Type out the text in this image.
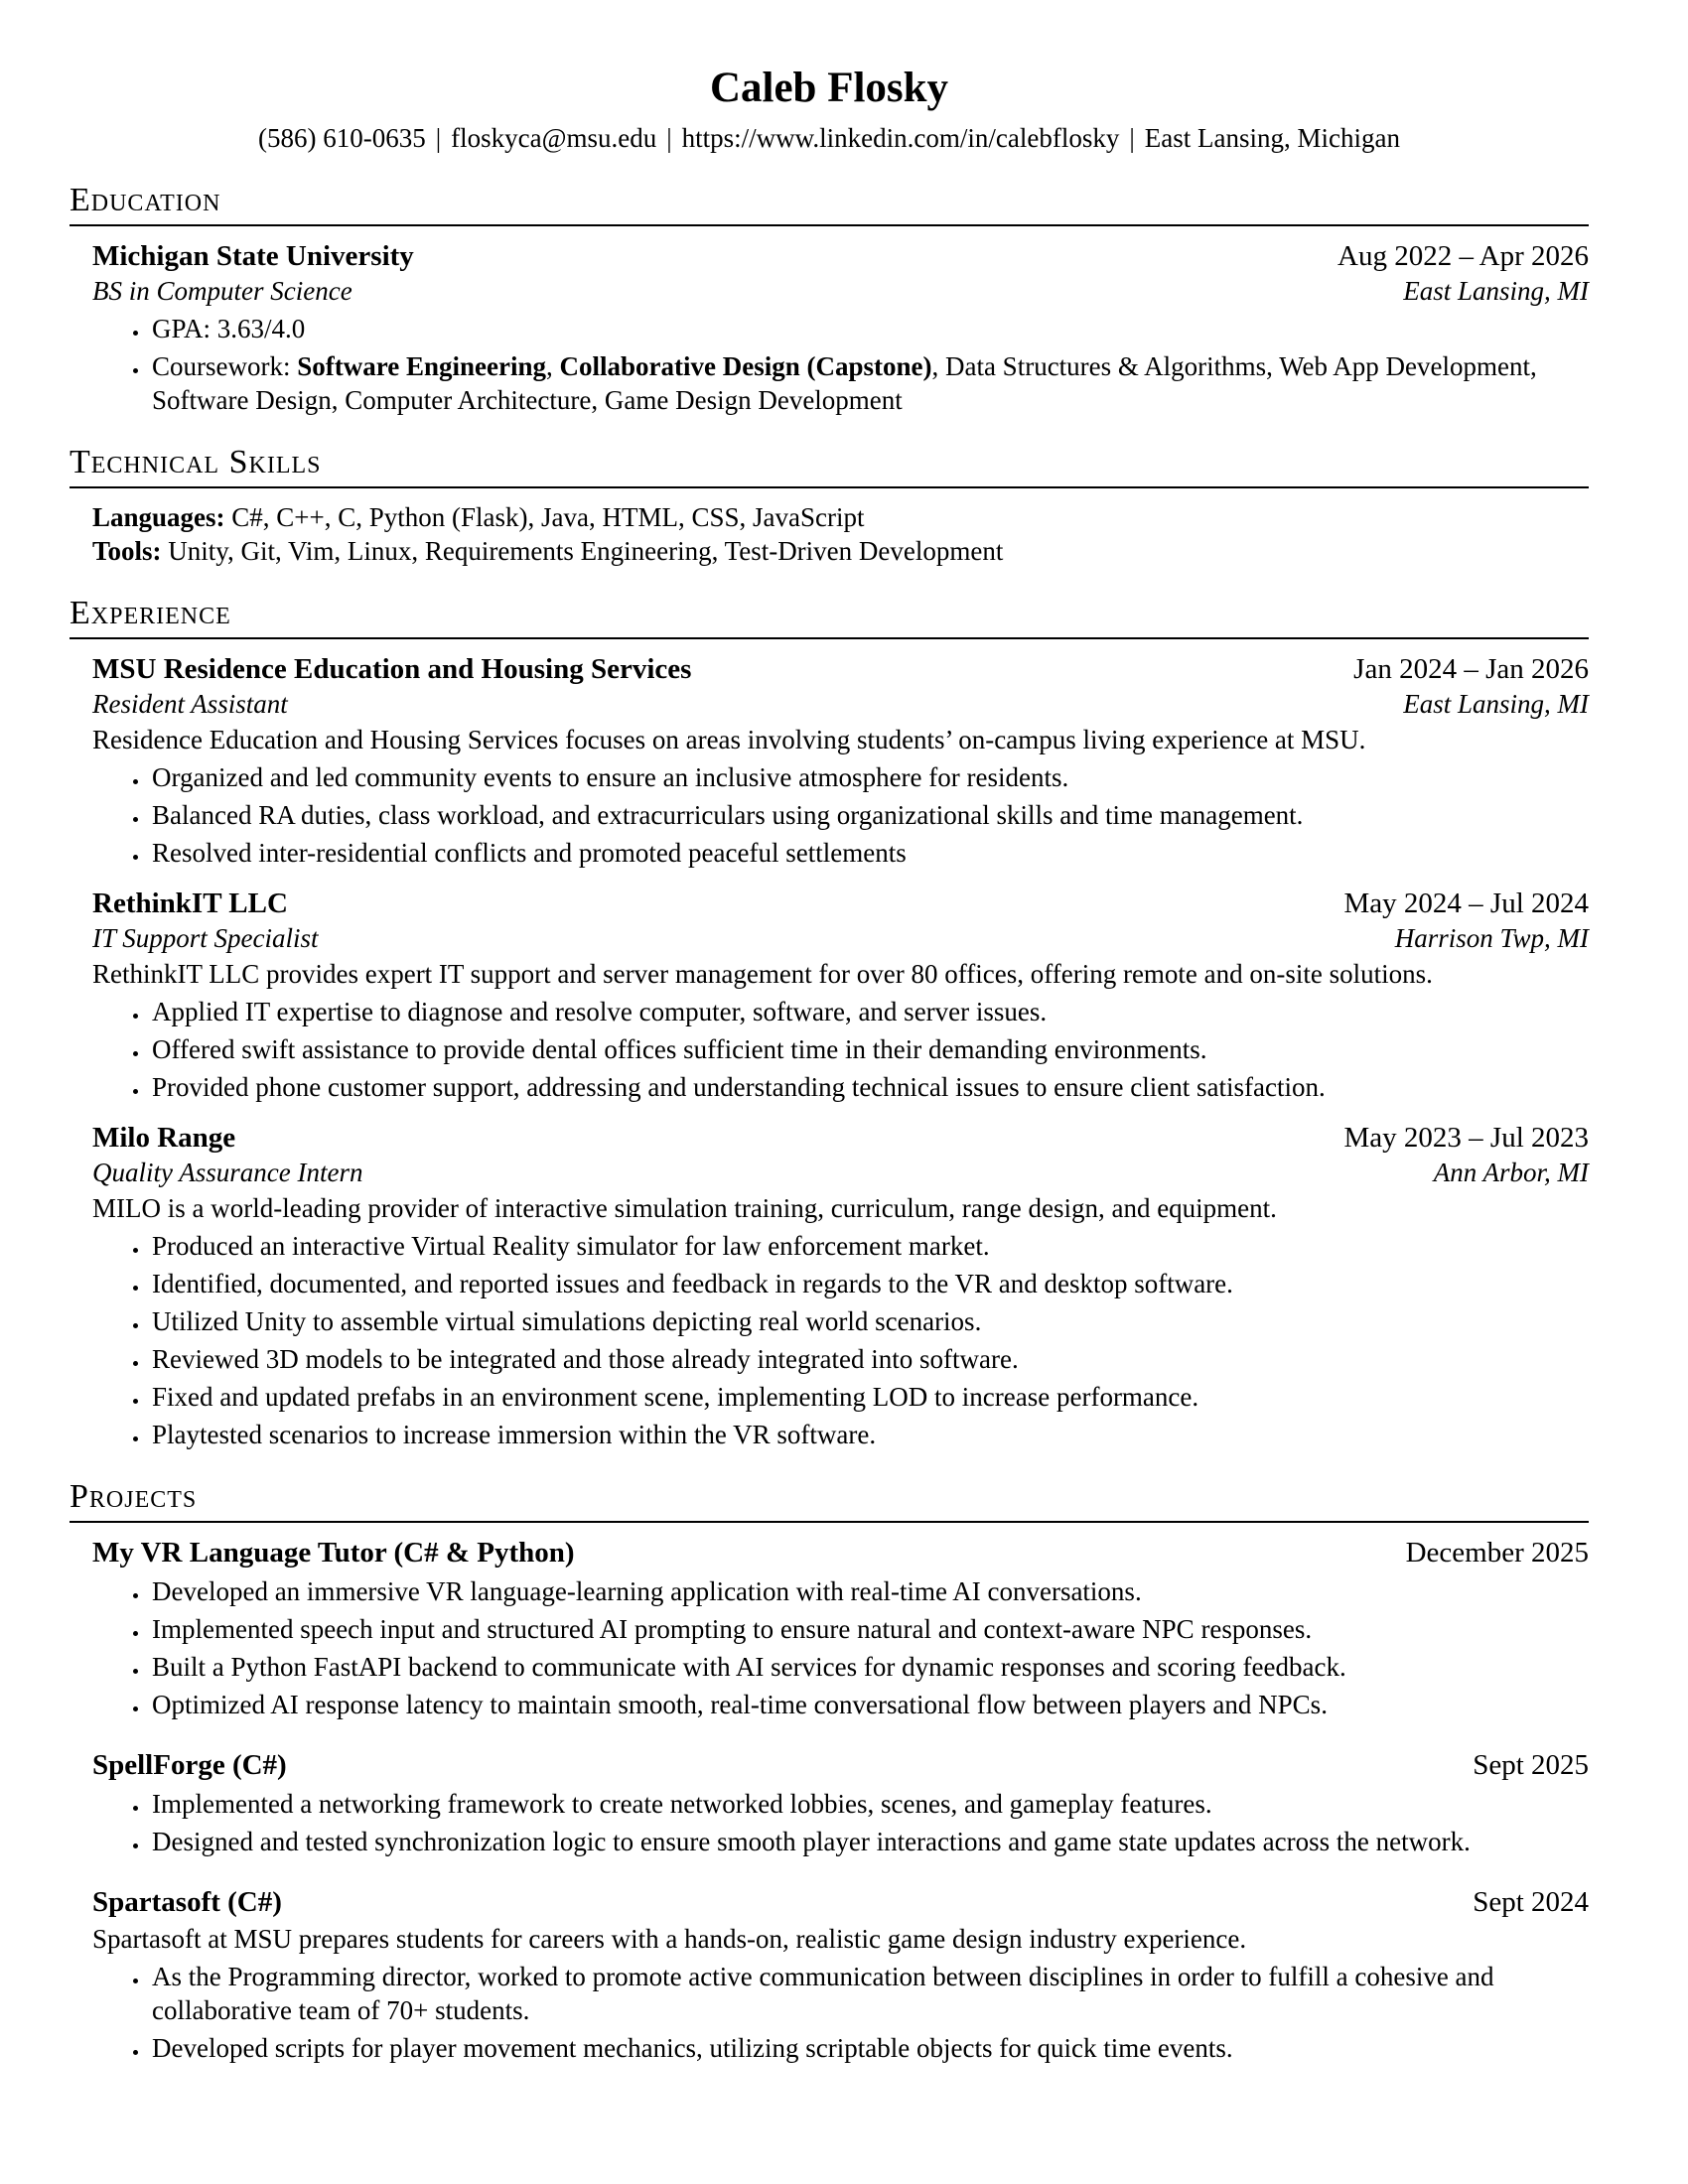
Caleb Flosky
(586) 610-0635 | floskyca@msu.edu | https://www.linkedin.com/in/calebflosky | East Lansing, Michigan
Education
Michigan State University	Aug 2022 – Apr 2026
BS in Computer Science	East Lansing, MI
• GPA: 3.63/4.0
• Coursework: Software Engineering, Collaborative Design (Capstone), Data Structures & Algorithms, Web App Development, Software Design, Computer Architecture, Game Design Development
Technical Skills
Languages: C#, C++, C, Python (Flask), Java, HTML, CSS, JavaScript
Tools: Unity, Git, Vim, Linux, Requirements Engineering, Test-Driven Development
Experience
MSU Residence Education and Housing Services	Jan 2024 – Jan 2026
Resident Assistant	East Lansing, MI

Residence Education and Housing Services focuses on areas involving students’ on-campus living experience at MSU.

• Organized and led community events to ensure an inclusive atmosphere for residents.
• Balanced RA duties, class workload, and extracurriculars using organizational skills and time management.
• Resolved inter-residential conflicts and promoted peaceful settlements
RethinkIT LLC	May 2024 – Jul 2024
IT Support Specialist	Harrison Twp, MI

RethinkIT LLC provides expert IT support and server management for over 80 offices, offering remote and on-site solutions.

• Applied IT expertise to diagnose and resolve computer, software, and server issues.
• Offered swift assistance to provide dental offices sufficient time in their demanding environments.
• Provided phone customer support, addressing and understanding technical issues to ensure client satisfaction.
Milo Range	May 2023 – Jul 2023
Quality Assurance Intern	Ann Arbor, MI

MILO is a world-leading provider of interactive simulation training, curriculum, range design, and equipment.

• Produced an interactive Virtual Reality simulator for law enforcement market.
• Identified, documented, and reported issues and feedback in regards to the VR and desktop software.
• Utilized Unity to assemble virtual simulations depicting real world scenarios.
• Reviewed 3D models to be integrated and those already integrated into software.
• Fixed and updated prefabs in an environment scene, implementing LOD to increase performance.
• Playtested scenarios to increase immersion within the VR software.
Projects
My VR Language Tutor (C# & Python)	December 2025
• Developed an immersive VR language-learning application with real-time AI conversations.
• Implemented speech input and structured AI prompting to ensure natural and context-aware NPC responses.
• Built a Python FastAPI backend to communicate with AI services for dynamic responses and scoring feedback.
• Optimized AI response latency to maintain smooth, real-time conversational flow between players and NPCs.
SpellForge (C#)	Sept 2025
• Implemented a networking framework to create networked lobbies, scenes, and gameplay features.
• Designed and tested synchronization logic to ensure smooth player interactions and game state updates across the network.
Spartasoft (C#)	Sept 2024

Spartasoft at MSU prepares students for careers with a hands-on, realistic game design industry experience.

• As the Programming director, worked to promote active communication between disciplines in order to fulfill a cohesive and collaborative team of 70+ students.
• Developed scripts for player movement mechanics, utilizing scriptable objects for quick time events.
